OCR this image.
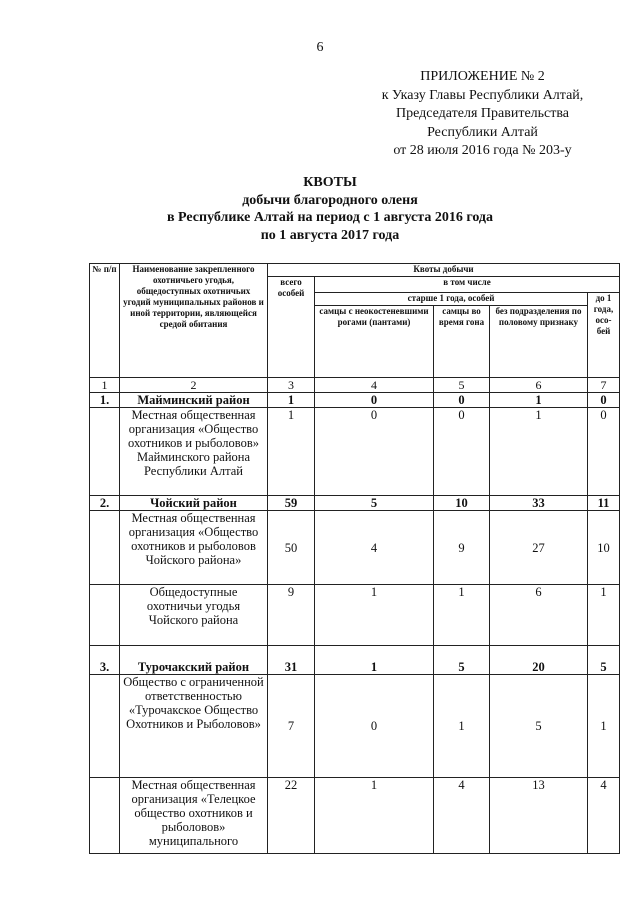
6
ПРИЛОЖЕНИЕ № 2
к Указу Главы Республики Алтай,
Председателя Правительства
Республики Алтай
от 28 июля 2016 года № 203-у
КВОТЫ
добычи благородного оленя
в Республике Алтай на период с 1 августа 2016 года
по 1 августа 2017 года
№ п/п	Наименование закрепленного охотничьего угодья, общедоступных охотничьих угодий муниципальных районов и иной территории, являющейся средой обитания	Квоты добычи				
		всего особей	в том числе			
			старше 1 года, особей			до 1 года, осо- бей
			самцы с неокостеневшими рогами (пантами)	самцы во время гона	без подразделения по половому признаку	
1	2	3	4	5	6	7
1.	Майминский район	1	0	0	1	0
	Местная общественная организация «Общество охотников и рыболовов» Майминского района Республики Алтай	1	0	0	1	0
2.	Чойский район	59	5	10	33	11
	Местная общественная организация «Общество охотников и рыболовов Чойского района»	50	4	9	27	10
	Общедоступные охотничьи угодья Чойского района	9	1	1	6	1
3.	Турочакский район	31	1	5	20	5
	Общество с ограниченной ответственностью «Турочакское Общество Охотников и Рыболовов»	7	0	1	5	1
	Местная общественная организация «Телецкое общество охотников и рыболовов» муниципального	22	1	4	13	4
